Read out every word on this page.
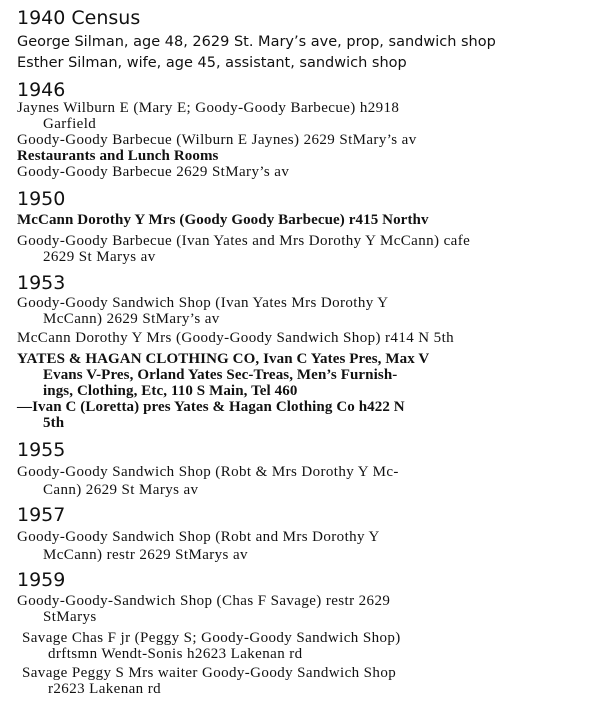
1940 Census
George Silman, age 48, 2629 St. Mary’s ave, prop, sandwich shop
Esther Silman, wife, age 45, assistant, sandwich shop
1946
Jaynes Wilburn E (Mary E; Goody-Goody Barbecue) h2918
Garfield
Goody-Goody Barbecue (Wilburn E Jaynes) 2629 StMary’s av
Restaurants and Lunch Rooms
Goody-Goody Barbecue 2629 StMary’s av
1950
McCann Dorothy Y Mrs (Goody Goody Barbecue) r415 Northv
Goody-Goody Barbecue (Ivan Yates and Mrs Dorothy Y McCann) cafe
2629 St Marys av
1953
Goody-Goody Sandwich Shop (Ivan Yates Mrs Dorothy Y
McCann) 2629 StMary’s av
McCann Dorothy Y Mrs (Goody-Goody Sandwich Shop) r414 N 5th
YATES & HAGAN CLOTHING CO, Ivan C Yates Pres, Max V
Evans V-Pres, Orland Yates Sec-Treas, Men’s Furnish-
ings, Clothing, Etc, 110 S Main, Tel 460
—Ivan C (Loretta) pres Yates & Hagan Clothing Co h422 N
5th
1955
Goody-Goody Sandwich Shop (Robt & Mrs Dorothy Y Mc-
Cann) 2629 St Marys av
1957
Goody-Goody Sandwich Shop (Robt and Mrs Dorothy Y
McCann) restr 2629 StMarys av
1959
Goody-Goody-Sandwich Shop (Chas F Savage) restr 2629
StMarys
Savage Chas F jr (Peggy S; Goody-Goody Sandwich Shop)
drftsmn Wendt-Sonis h2623 Lakenan rd
Savage Peggy S Mrs waiter Goody-Goody Sandwich Shop
r2623 Lakenan rd
